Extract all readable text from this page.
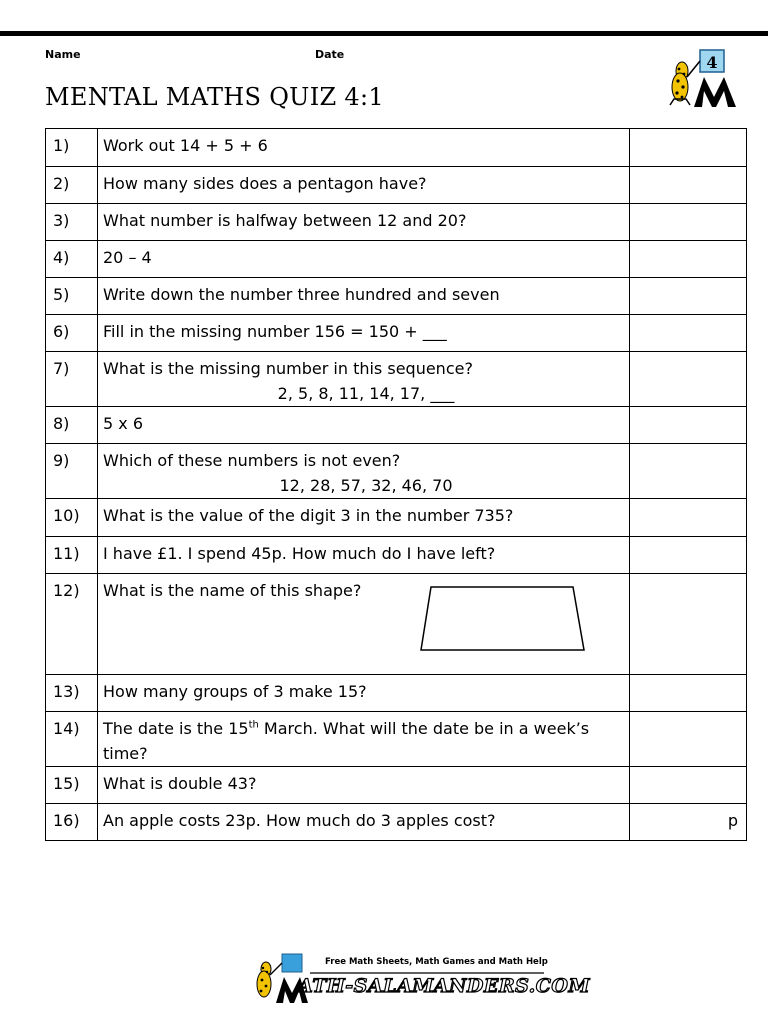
Name	Date
MENTAL MATHS QUIZ 4:1
4
1)	Work out 14 + 5 + 6	

2)	How many sides does a pentagon have?	

3)	What number is halfway between 12 and 20?	

4)	20 – 4	

5)	Write down the number three hundred and seven	

6)	Fill in the missing number 156 = 150 + ___	

7)	What is the missing number in this sequence?
2, 5, 8, 11, 14, 17, ___	

8)	5 x 6	

9)	Which of these numbers is not even?
12, 28, 57, 32, 46, 70	

10)	What is the value of the digit 3 in the number 735?	

11)	I have £1. I spend 45p. How much do I have left?	

12)	What is the name of this shape?	

13)	How many groups of 3 make 15?	

14)	The date is the 15th March. What will the date be in a week’s
time?	

15)	What is double 43?	

16)	An apple costs 23p. How much do 3 apples cost?	p
Free Math Sheets, Math Games and Math Help
ATH-SALAMANDERS.COM
